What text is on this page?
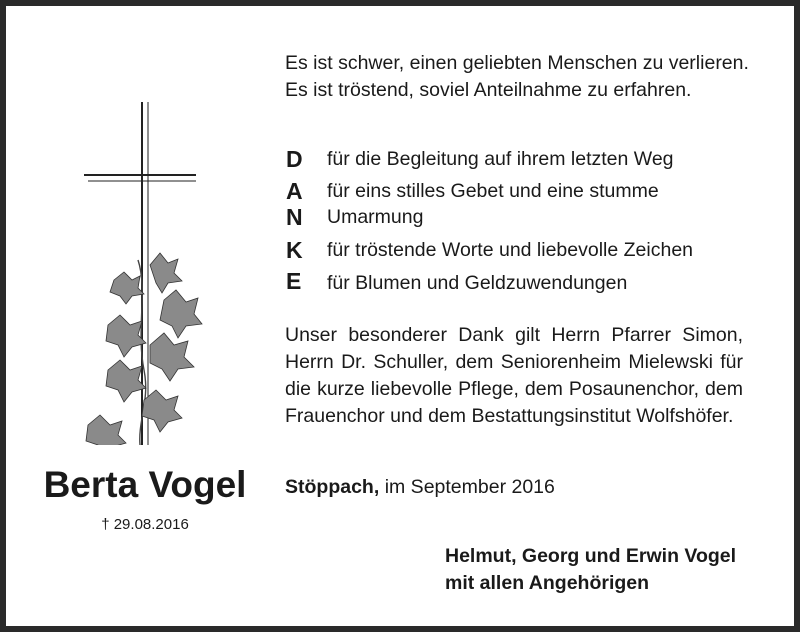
Berta Vogel
† 29.08.2016
Es ist schwer, einen geliebten Menschen zu verlieren.
Es ist tröstend, soviel Anteilnahme zu erfahren.
D für die Begleitung auf ihrem letzten Weg
A für eins stilles Gebet und eine stumme
N Umarmung
K für tröstende Worte und liebevolle Zeichen
E für Blumen und Geldzuwendungen
Unser besonderer Dank gilt Herrn Pfarrer Simon,
Herrn Dr. Schuller, dem Seniorenheim Mielewski für
die kurze liebevolle Pflege, dem Posaunenchor, dem
Frauenchor und dem Bestattungsinstitut Wolfshöfer.
Stöppach, im September 2016
Helmut, Georg und Erwin Vogel
mit allen Angehörigen
